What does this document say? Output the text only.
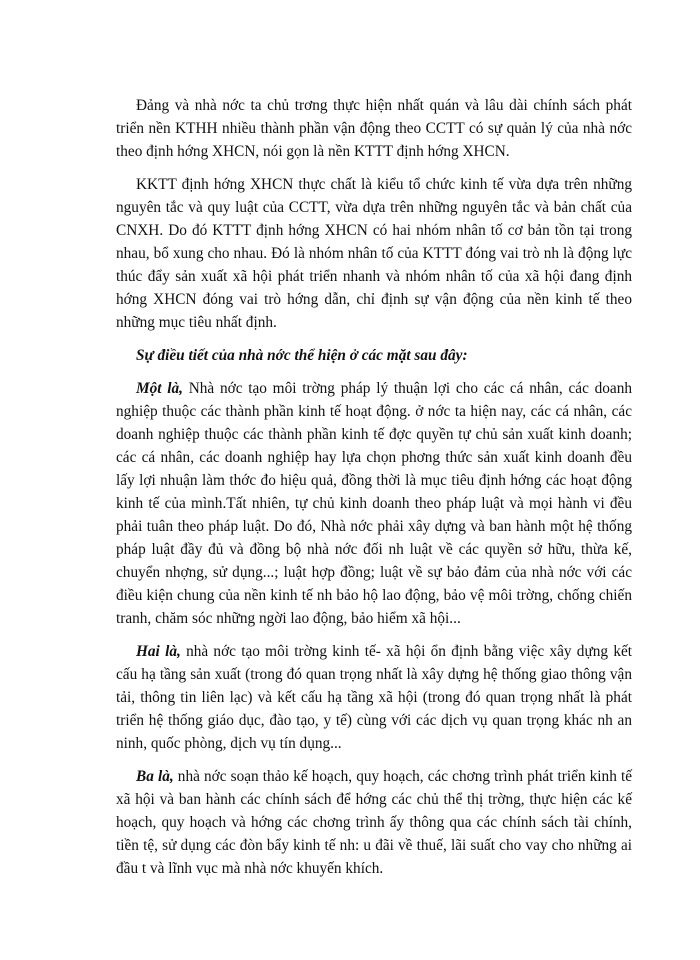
Đảng và nhà nớc ta chủ trơng thực hiện nhất quán và lâu dài chính sách phát triển nền KTHH nhiều thành phần vận động theo CCTT có sự quản lý của nhà nớc theo định hớng XHCN, nói gọn là nền KTTT định hớng XHCN.

KKTT định hớng XHCN thực chất là kiểu tổ chức kinh tế vừa dựa trên những nguyên tắc và quy luật của CCTT, vừa dựa trên những nguyên tắc và bản chất của CNXH. Do đó KTTT định hớng XHCN có hai nhóm nhân tố cơ bản tồn tại trong nhau, bổ xung cho nhau. Đó là nhóm nhân tố của KTTT đóng vai trò nh là động lực thúc đẩy sản xuất xã hội phát triển nhanh và nhóm nhân tố của xã hội đang định hớng XHCN đóng vai trò hớng dẫn, chỉ định sự vận động của nền kinh tế theo những mục tiêu nhất định.

Sự điều tiết của nhà nớc thể hiện ở các mặt sau đây:

Một là, Nhà nớc tạo môi trờng pháp lý thuận lợi cho các cá nhân, các doanh nghiệp thuộc các thành phần kinh tế hoạt động. ở nớc ta hiện nay, các cá nhân, các doanh nghiệp thuộc các thành phần kinh tế đợc quyền tự chủ sản xuất kinh doanh; các cá nhân, các doanh nghiệp hay lựa chọn phơng thức sản xuất kinh doanh đều lấy lợi nhuận làm thớc đo hiệu quả, đồng thời là mục tiêu định hớng các hoạt động kinh tế của mình.Tất nhiên, tự chủ kinh doanh theo pháp luật và mọi hành vi đều phải tuân theo pháp luật. Do đó, Nhà nớc phải xây dựng và ban hành một hệ thống pháp luật đầy đủ và đồng bộ nhà nớc đối nh luật về các quyền sở hữu, thừa kế, chuyển nhợng, sử dụng...; luật hợp đồng; luật về sự bảo đảm của nhà nớc với các điều kiện chung của nền kinh tế nh bảo hộ lao động, bảo vệ môi trờng, chống chiến tranh, chăm sóc những ngời lao động, bảo hiểm xã hội...

Hai là, nhà nớc tạo môi trờng kinh tế- xã hội ổn định bằng việc xây dựng kết cấu hạ tầng sản xuất (trong đó quan trọng nhất là xây dựng hệ thống giao thông vận tải, thông tin liên lạc) và kết cấu hạ tầng xã hội (trong đó quan trọng nhất là phát triển hệ thống giáo dục, đào tạo, y tế) cùng với các dịch vụ quan trọng khác nh an ninh, quốc phòng, dịch vụ tín dụng...

Ba là, nhà nớc soạn thảo kế hoạch, quy hoạch, các chơng trình phát triển kinh tế xã hội và ban hành các chính sách để hớng các chủ thể thị trờng, thực hiện các kế hoạch, quy hoạch và hớng các chơng trình ấy thông qua các chính sách tài chính, tiền tệ, sử dụng các đòn bẩy kinh tế nh: u đãi về thuế, lãi suất cho vay cho những ai đầu t và lĩnh vục mà nhà nớc khuyến khích.
